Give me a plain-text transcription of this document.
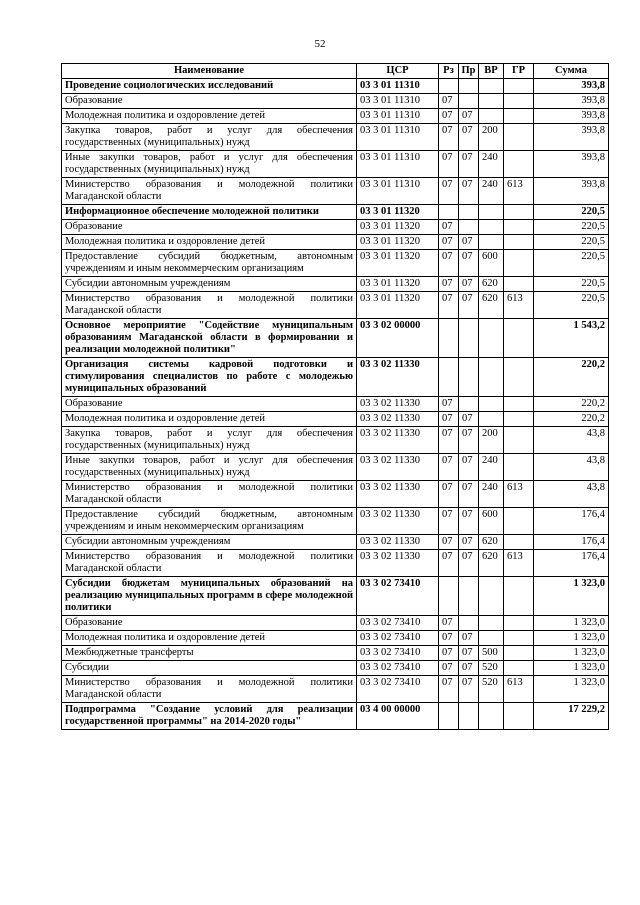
52
Наименование	ЦСР	Рз	Пр	ВР	ГР	Сумма
Проведение социологических исследований	03 3 01 11310					393,8
Образование	03 3 01 11310	07				393,8
Молодежная политика и оздоровление детей	03 3 01 11310	07	07			393,8
Закупка товаров, работ и услуг для обеспечения государственных (муниципальных) нужд	03 3 01 11310	07	07	200		393,8
Иные закупки товаров, работ и услуг для обеспечения государственных (муниципальных) нужд	03 3 01 11310	07	07	240		393,8
Министерство образования и молодежной политики Магаданской области	03 3 01 11310	07	07	240	613	393,8
Информационное обеспечение молодежной политики	03 3 01 11320					220,5
Образование	03 3 01 11320	07				220,5
Молодежная политика и оздоровление детей	03 3 01 11320	07	07			220,5
Предоставление субсидий бюджетным, автономным учреждениям и иным некоммерческим организациям	03 3 01 11320	07	07	600		220,5
Субсидии автономным учреждениям	03 3 01 11320	07	07	620		220,5
Министерство образования и молодежной политики Магаданской области	03 3 01 11320	07	07	620	613	220,5
Основное мероприятие "Содействие муниципальным образованиям Магаданской области в формировании и реализации молодежной политики"	03 3 02 00000					1 543,2
Организация системы кадровой подготовки и стимулирования специалистов по работе с молодежью муниципальных образований	03 3 02 11330					220,2
Образование	03 3 02 11330	07				220,2
Молодежная политика и оздоровление детей	03 3 02 11330	07	07			220,2
Закупка товаров, работ и услуг для обеспечения государственных (муниципальных) нужд	03 3 02 11330	07	07	200		43,8
Иные закупки товаров, работ и услуг для обеспечения государственных (муниципальных) нужд	03 3 02 11330	07	07	240		43,8
Министерство образования и молодежной политики Магаданской области	03 3 02 11330	07	07	240	613	43,8
Предоставление субсидий бюджетным, автономным учреждениям и иным некоммерческим организациям	03 3 02 11330	07	07	600		176,4
Субсидии автономным учреждениям	03 3 02 11330	07	07	620		176,4
Министерство образования и молодежной политики Магаданской области	03 3 02 11330	07	07	620	613	176,4
Субсидии бюджетам муниципальных образований на реализацию муниципальных программ в сфере молодежной политики	03 3 02 73410					1 323,0
Образование	03 3 02 73410	07				1 323,0
Молодежная политика и оздоровление детей	03 3 02 73410	07	07			1 323,0
Межбюджетные трансферты	03 3 02 73410	07	07	500		1 323,0
Субсидии	03 3 02 73410	07	07	520		1 323,0
Министерство образования и молодежной политики Магаданской области	03 3 02 73410	07	07	520	613	1 323,0
Подпрограмма "Создание условий для реализации государственной программы" на 2014-2020 годы"	03 4 00 00000					17 229,2
